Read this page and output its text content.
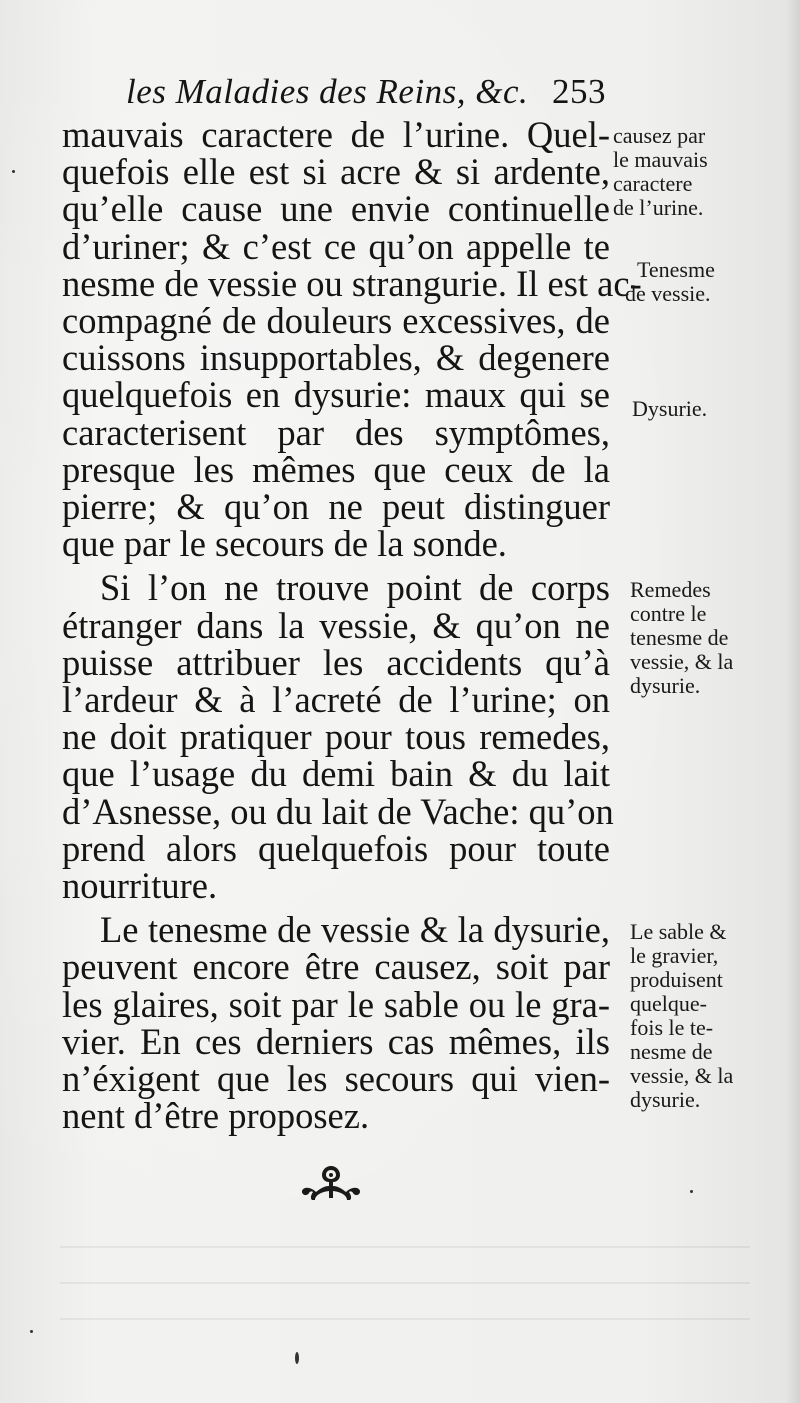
les Maladies des Reins, &c. 253
mauvais caractere de l’urine. Quel-
quefois elle est si acre & si ardente,
qu’elle cause une envie continuelle
d’uriner; & c’est ce qu’on appelle te
nesme de vessie ou strangurie. Il est ac-
compagné de douleurs excessives, de
cuissons insupportables, & degenere
quelquefois en dysurie: maux qui se
caracterisent par des symptômes,
presque les mêmes que ceux de la
pierre; & qu’on ne peut distinguer
que par le secours de la sonde.
Si l’on ne trouve point de corps
étranger dans la vessie, & qu’on ne
puisse attribuer les accidents qu’à
l’ardeur & à l’acreté de l’urine; on
ne doit pratiquer pour tous remedes,
que l’usage du demi bain & du lait
d’Asnesse, ou du lait de Vache: qu’on
prend alors quelquefois pour toute
nourriture.
Le tenesme de vessie & la dysurie,
peuvent encore être causez, soit par
les glaires, soit par le sable ou le gra-
vier. En ces derniers cas mêmes, ils
n’éxigent que les secours qui vien-
nent d’être proposez.
causez par
le mauvais
caractere
de l’urine.
Tenesme
de vessie.
Dysurie.
Remedes
contre le
tenesme de
vessie, & la
dysurie.
Le sable &
le gravier,
produisent
quelque-
fois le te-
nesme de
vessie, & la
dysurie.
